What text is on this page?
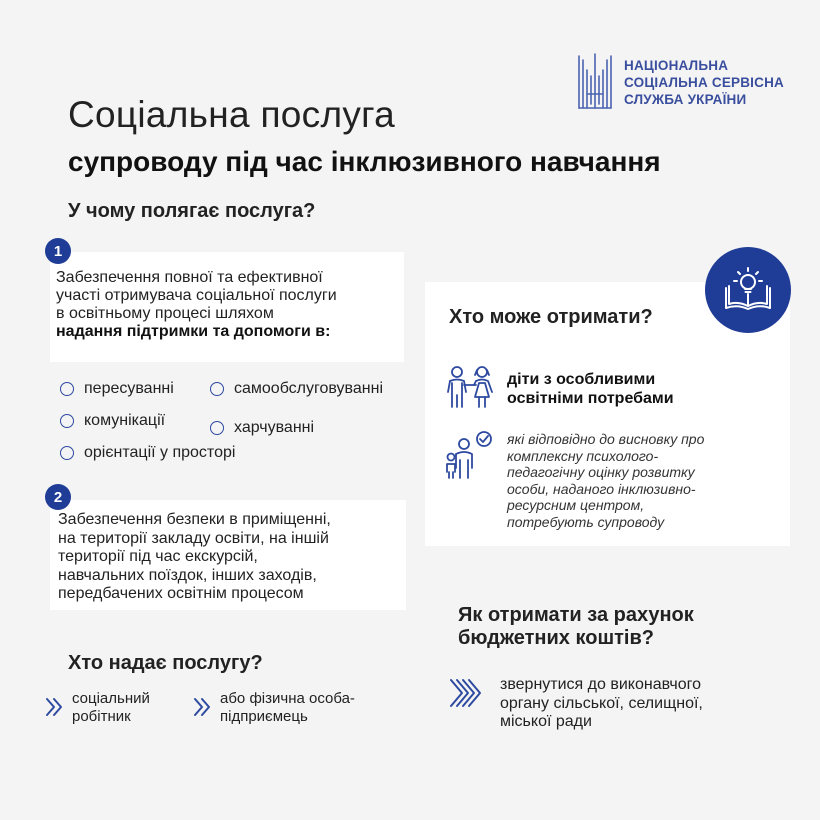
НАЦІОНАЛЬНА
СОЦІАЛЬНА СЕРВІСНА
СЛУЖБА УКРАЇНИ
Соціальна послуга
супроводу під час інклюзивного навчання
У чому полягає послуга?
Забезпечення повної та ефективної
участі отримувача соціальної послуги
в освітньому процесі шляхом
надання підтримки та допомоги в:
1
пересуванні	самообслуговуванні
комунікації	харчуванні
орієнтації у просторі
Забезпечення безпеки в приміщенні,
на території закладу освіти, на іншій
території під час екскурсій,
навчальних поїздок, інших заходів,
передбачених освітнім процесом
2
Хто може отримати?
діти з особливими
освітніми потребами
які відповідно до висновку про
комплексну психолого-
педагогічну оцінку розвитку
особи, наданого інклюзивно-
ресурсним центром,
потребують супроводу
Хто надає послугу?
соціальний
робітник
або фізична особа-
підприємець
Як отримати за рахунок
бюджетних коштів?
звернутися до виконавчого
органу сільської, селищної,
міської ради
